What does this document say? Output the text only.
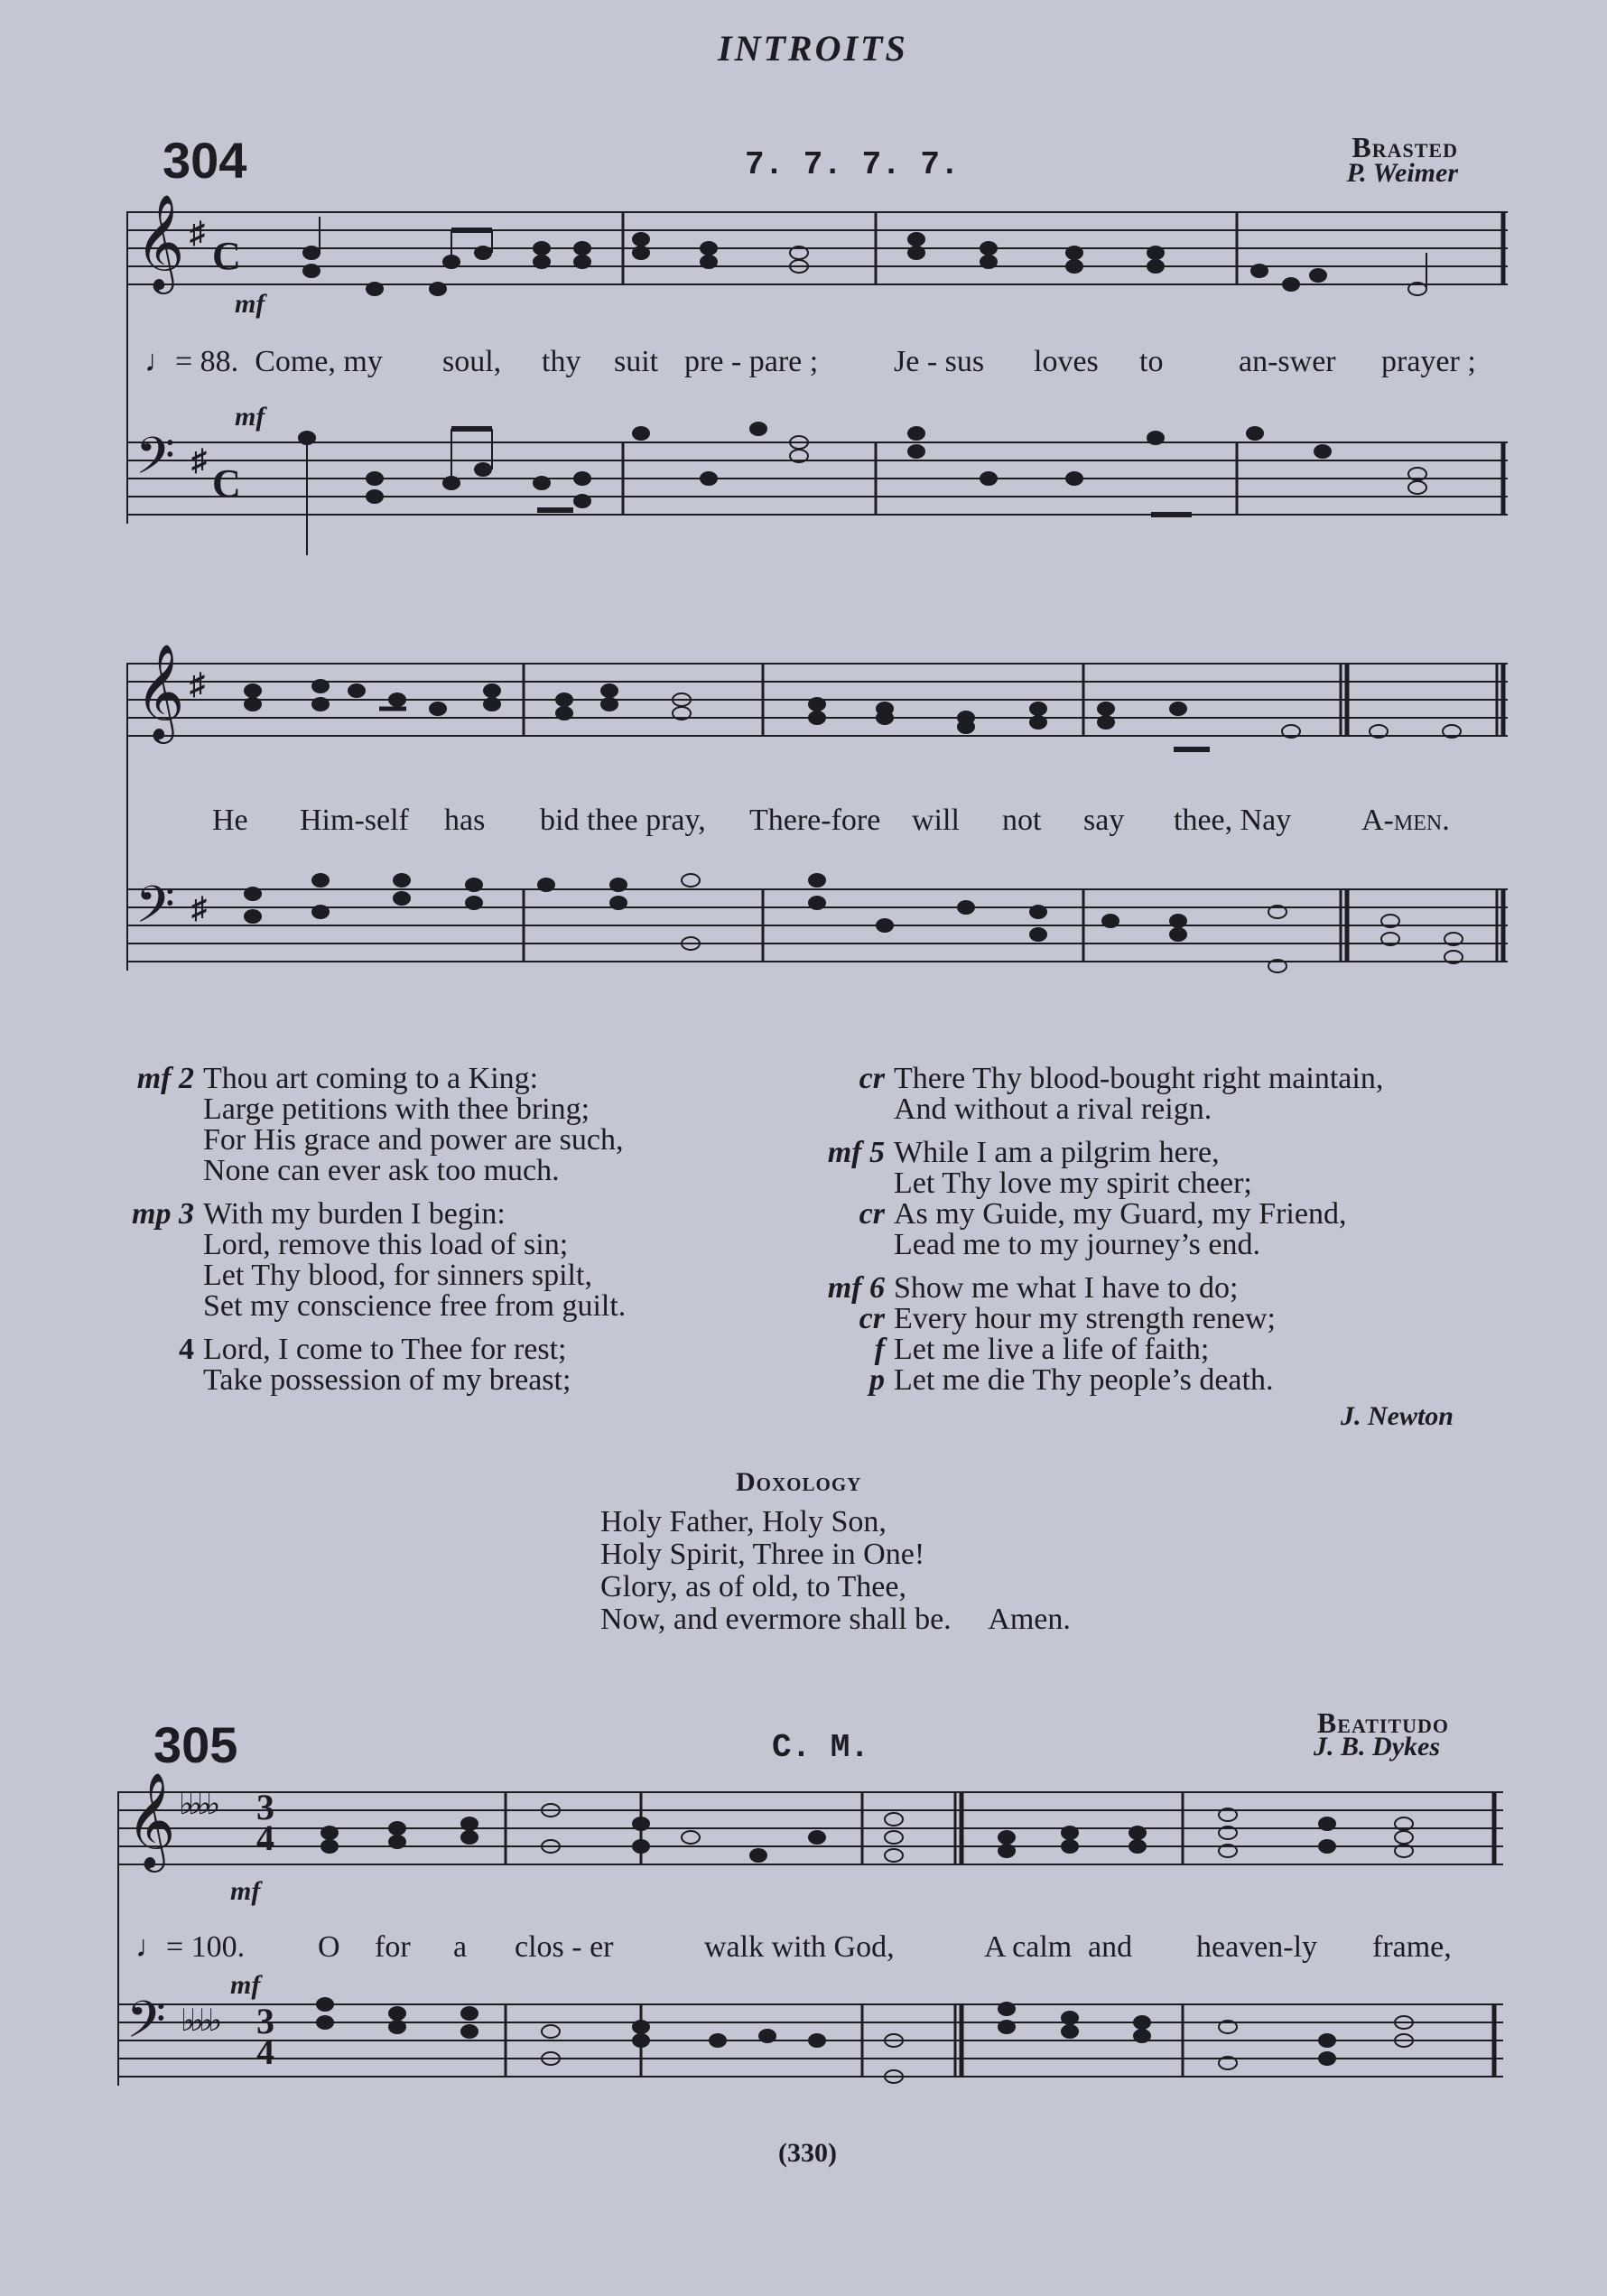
INTROITS
304	7. 7. 7. 7.	Brasted
P. Weimer
𝄞 ♯
C
𝄢 ♯
C
mf
mf
♩= 88. Come, my soul, thy suit pre - pare ; Je - sus loves to an-swer prayer ;
𝄞 ♯
𝄢 ♯
He Him-self has bid thee pray, There-fore will not say thee, Nay A-men.
mf 2 Thou art coming to a King:
Large petitions with thee bring;
For His grace and power are such,
None can ever ask too much.
mp 3 With my burden I begin:
Lord, remove this load of sin;
Let Thy blood, for sinners spilt,
Set my conscience free from guilt.
4 Lord, I come to Thee for rest;
Take possession of my breast;
cr There Thy blood-bought right maintain,
And without a rival reign.
mf 5 While I am a pilgrim here,
Let Thy love my spirit cheer;
cr As my Guide, my Guard, my Friend,
Lead me to my journey’s end.
mf 6 Show me what I have to do;
cr Every hour my strength renew;
f Let me live a life of faith;
p Let me die Thy people’s death.
J. Newton
Doxology
Holy Father, Holy Son,
Holy Spirit, Three in One!
Glory, as of old, to Thee,
Now, and evermore shall be.     Amen.
305	C. M.
Beatitudo
J. B. Dykes
𝄞 ♭♭♭♭ 3
4
𝄢 ♭♭♭♭ 3
4
mf
mf
♩= 100. O for a clos - er	walk with God,	A calm and heaven-ly frame,
(330)
